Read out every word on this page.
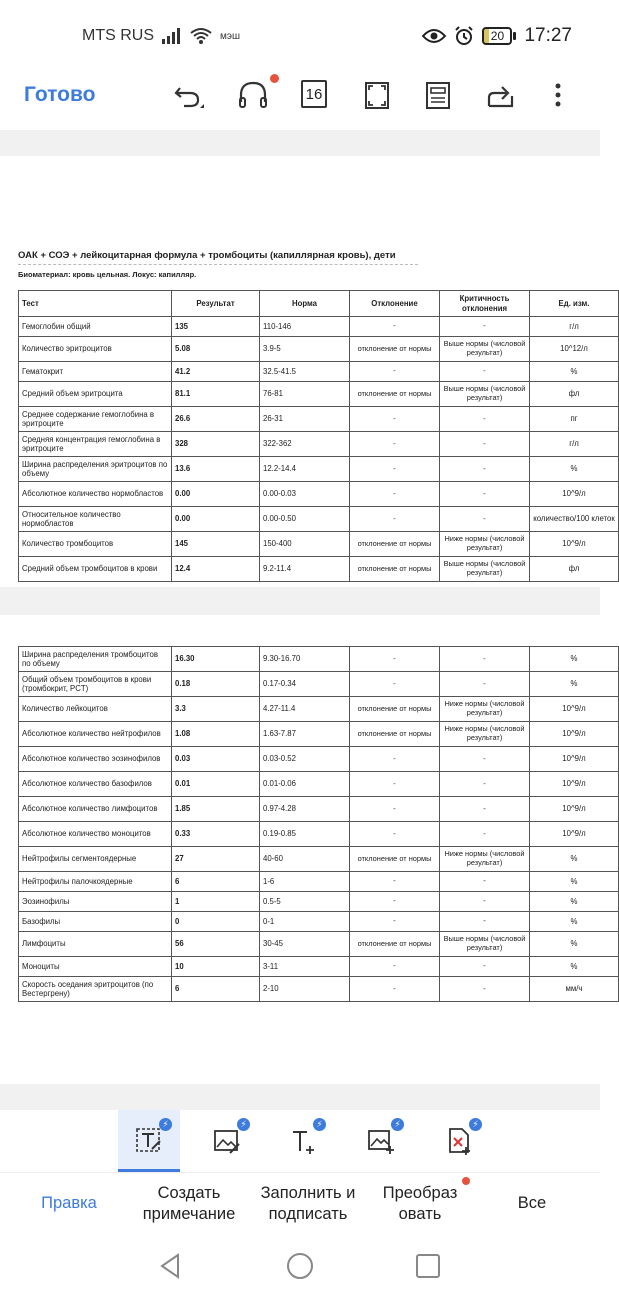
MTS RUS	мэш	20	17:27
Готово	16
ОАК + СОЭ + лейкоцитарная формула + тромбоциты (капиллярная кровь), дети
Биоматериал: кровь цельная. Локус: капилляр.
Тест	Результат	Норма	Отклонение	Критичность отклонения	Ед. изм.
Гемоглобин общий	135	110-146	-	-	г/л
Количество эритроцитов	5.08	3.9-5	отклонение от нормы	Выше нормы (числовой результат)	10^12/л
Гематокрит	41.2	32.5-41.5	-	-	%
Средний объем эритроцита	81.1	76-81	отклонение от нормы	Выше нормы (числовой результат)	фл
Среднее содержание гемоглобина в эритроците	26.6	26-31	-	-	пг
Средняя концентрация гемоглобина в эритроците	328	322-362	-	-	г/л
Ширина распределения эритроцитов по объему	13.6	12.2-14.4	-	-	%
Абсолютное количество нормобластов	0.00	0.00-0.03	-	-	10^9/л
Относительное количество нормобластов	0.00	0.00-0.50	-	-	количество/100 клеток
Количество тромбоцитов	145	150-400	отклонение от нормы	Ниже нормы (числовой результат)	10^9/л
Средний объем тромбоцитов в крови	12.4	9.2-11.4	отклонение от нормы	Выше нормы (числовой результат)	фл
Ширина распределения тромбоцитов по объему	16.30	9.30-16.70	-	-	%
Общий объем тромбоцитов в крови (тромбокрит, PCT)	0.18	0.17-0.34	-	-	%
Количество лейкоцитов	3.3	4.27-11.4	отклонение от нормы	Ниже нормы (числовой результат)	10^9/л
Абсолютное количество нейтрофилов	1.08	1.63-7.87	отклонение от нормы	Ниже нормы (числовой результат)	10^9/л
Абсолютное количество эозинофилов	0.03	0.03-0.52	-	-	10^9/л
Абсолютное количество базофилов	0.01	0.01-0.06	-	-	10^9/л
Абсолютное количество лимфоцитов	1.85	0.97-4.28	-	-	10^9/л
Абсолютное количество моноцитов	0.33	0.19-0.85	-	-	10^9/л
Нейтрофилы сегментоядерные	27	40-60	отклонение от нормы	Ниже нормы (числовой результат)	%
Нейтрофилы палочкоядерные	6	1-6	-	-	%
Эозинофилы	1	0.5-5	-	-	%
Базофилы	0	0-1	-	-	%
Лимфоциты	56	30-45	отклонение от нормы	Выше нормы (числовой результат)	%
Моноциты	10	3-11	-	-	%
Скорость оседания эритроцитов (по Вестергрену)	6	2-10	-	-	мм/ч
⚡	⚡	⚡	⚡	⚡
Правка
Создать
примечание
Заполнить и
подписать
Преобраз
овать
Все
